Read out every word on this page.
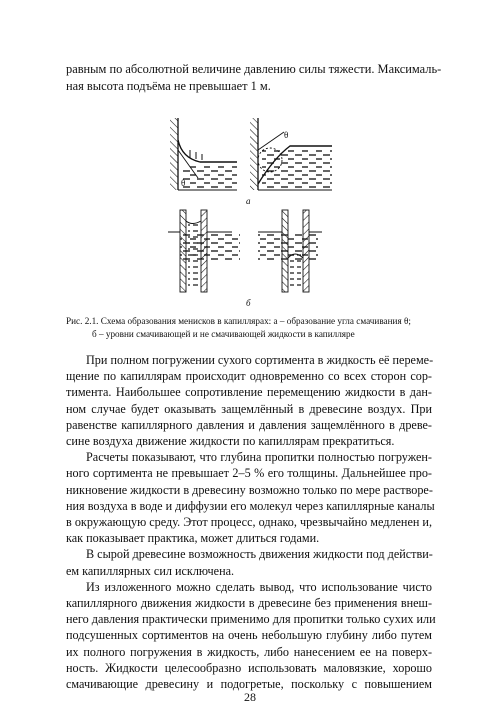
равным по абсолютной величине давлению силы тяжести. Максималь-
ная высота подъёма не превышает 1 м.
θ
θ
а
б
Рис. 2.1. Схема образования менисков в капиллярах: а – образование угла смачивания θ;
б – уровни смачивающей и не смачивающей жидкости в капилляре
При полном погружении сухого сортимента в жидкость её переме-
щение по капиллярам происходит одновременно со всех сторон сор-
тимента. Наибольшее сопротивление перемещению жидкости в дан-
ном случае будет оказывать защемлённый в древесине воздух. При
равенстве капиллярного давления и давления защемлённого в древе-
сине воздуха движение жидкости по капиллярам прекратиться.
Расчеты показывают, что глубина пропитки полностью погружен-
ного сортимента не превышает 2–5 % его толщины. Дальнейшее про-
никновение жидкости в древесину возможно только по мере растворе-
ния воздуха в воде и диффузии его молекул через капиллярные каналы
в окружающую среду. Этот процесс, однако, чрезвычайно медленен и,
как показывает практика, может длиться годами.
В сырой древесине возможность движения жидкости под действи-
ем капиллярных сил исключена.
Из изложенного можно сделать вывод, что использование чисто
капиллярного движения жидкости в древесине без применения внеш-
него давления практически применимо для пропитки только сухих или
подсушенных сортиментов на очень небольшую глубину либо путем
их полного погружения в жидкость, либо нанесением ее на поверх-
ность. Жидкости целесообразно использовать маловязкие, хорошо
смачивающие древесину и подогретые, поскольку с повышением
28
